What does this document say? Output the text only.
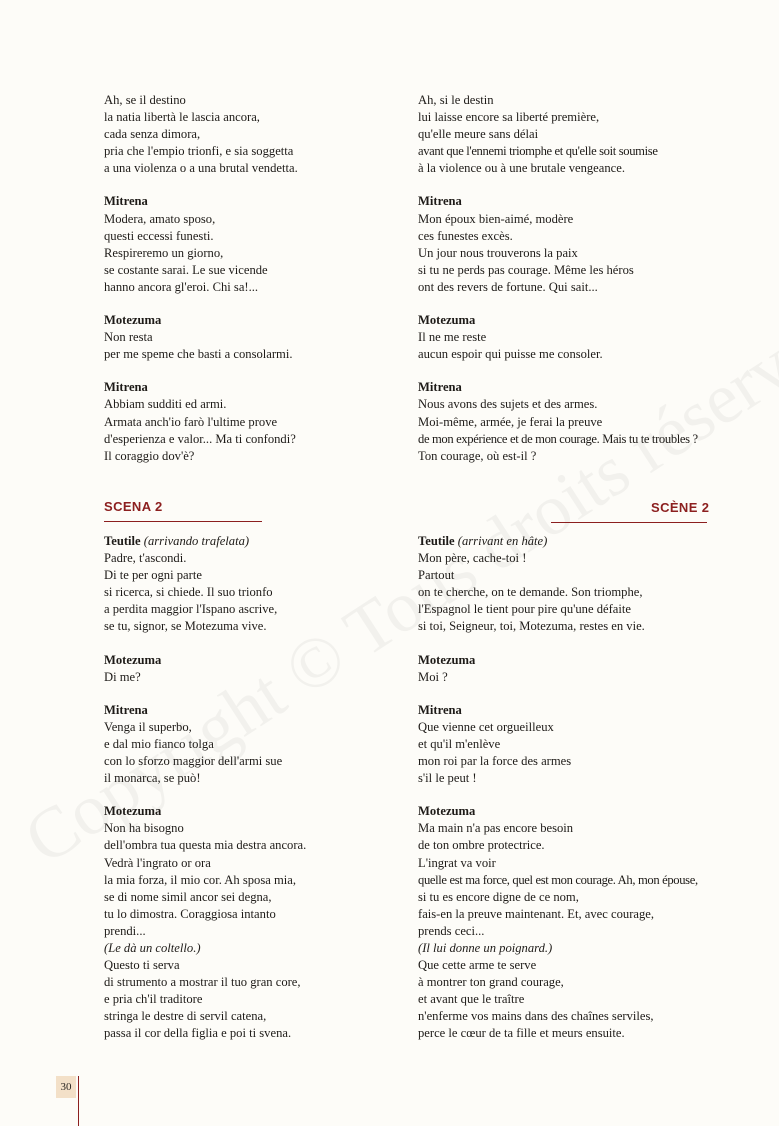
Ah, se il destino
la natia libertà le lascia ancora,
cada senza dimora,
pria che l'empio trionfi, e sia soggetta
a una violenza o a una brutal vendetta.
Mitrena
Modera, amato sposo,
questi eccessi funesti.
Respireremo un giorno,
se costante sarai. Le sue vicende
hanno ancora gl'eroi. Chi sa!...
Motezuma
Non resta
per me speme che basti a consolarmi.
Mitrena
Abbiam sudditi ed armi.
Armata anch'io farò l'ultime prove
d'esperienza e valor... Ma ti confondi?
Il coraggio dov'è?
Ah, si le destin
lui laisse encore sa liberté première,
qu'elle meure sans délai
avant que l'ennemi triomphe et qu'elle soit soumise
à la violence ou à une brutale vengeance.
Mitrena
Mon époux bien-aimé, modère
ces funestes excès.
Un jour nous trouverons la paix
si tu ne perds pas courage. Même les héros
ont des revers de fortune. Qui sait...
Motezuma
Il ne me reste
aucun espoir qui puisse me consoler.
Mitrena
Nous avons des sujets et des armes.
Moi-même, armée, je ferai la preuve
de mon expérience et de mon courage. Mais tu te troubles ?
Ton courage, où est-il ?
SCENA 2	SCÈNE 2
Teutile (arrivando trafelata)
Padre, t'ascondi.
Di te per ogni parte
si ricerca, si chiede. Il suo trionfo
a perdita maggior l'Ispano ascrive,
se tu, signor, se Motezuma vive.
Motezuma
Di me?
Mitrena
Venga il superbo,
e dal mio fianco tolga
con lo sforzo maggior dell'armi sue
il monarca, se può!
Motezuma
Non ha bisogno
dell'ombra tua questa mia destra ancora.
Vedrà l'ingrato or ora
la mia forza, il mio cor. Ah sposa mia,
se di nome simil ancor sei degna,
tu lo dimostra. Coraggiosa intanto
prendi...
(Le dà un coltello.)
Questo ti serva
di strumento a mostrar il tuo gran core,
e pria ch'il traditore
stringa le destre di servil catena,
passa il cor della figlia e poi ti svena.
Teutile (arrivant en hâte)
Mon père, cache-toi !
Partout
on te cherche, on te demande. Son triomphe,
l'Espagnol le tient pour pire qu'une défaite
si toi, Seigneur, toi, Motezuma, restes en vie.
Motezuma
Moi ?
Mitrena
Que vienne cet orgueilleux
et qu'il m'enlève
mon roi par la force des armes
s'il le peut !
Motezuma
Ma main n'a pas encore besoin
de ton ombre protectrice.
L'ingrat va voir
quelle est ma force, quel est mon courage. Ah, mon épouse,
si tu es encore digne de ce nom,
fais-en la preuve maintenant. Et, avec courage,
prends ceci...
(Il lui donne un poignard.)
Que cette arme te serve
à montrer ton grand courage,
et avant que le traître
n'enferme vos mains dans des chaînes serviles,
perce le cœur de ta fille et meurs ensuite.
30
